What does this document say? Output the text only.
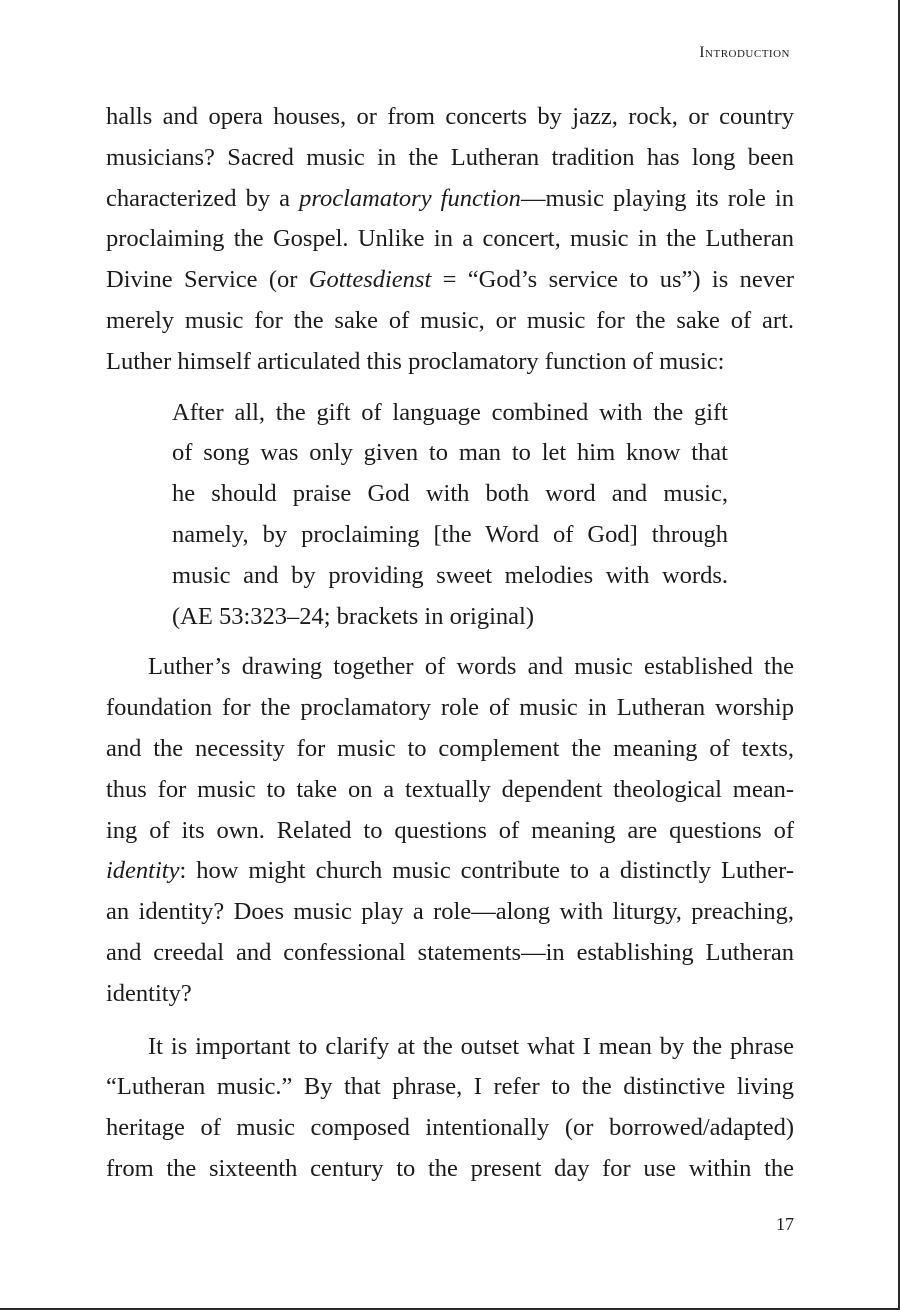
Introduction
halls and opera houses, or from concerts by jazz, rock, or country
musicians? Sacred music in the Lutheran tradition has long been
characterized by a proclamatory function—music playing its role in
proclaiming the Gospel. Unlike in a concert, music in the Lutheran
Divine Service (or Gottesdienst = “God’s service to us”) is never
merely music for the sake of music, or music for the sake of art.
Luther himself articulated this proclamatory function of music:
After all, the gift of language combined with the gift
of song was only given to man to let him know that
he should praise God with both word and music,
namely, by proclaiming [the Word of God] through
music and by providing sweet melodies with words.
(AE 53:323–24; brackets in original)
Luther’s drawing together of words and music established the
foundation for the proclamatory role of music in Lutheran worship
and the necessity for music to complement the meaning of texts,
thus for music to take on a textually dependent theological mean-
ing of its own. Related to questions of meaning are questions of
identity: how might church music contribute to a distinctly Luther-
an identity? Does music play a role—along with liturgy, preaching,
and creedal and confessional statements—in establishing Lutheran
identity?
It is important to clarify at the outset what I mean by the phrase
“Lutheran music.” By that phrase, I refer to the distinctive living
heritage of music composed intentionally (or borrowed/adapted)
from the sixteenth century to the present day for use within the
17
